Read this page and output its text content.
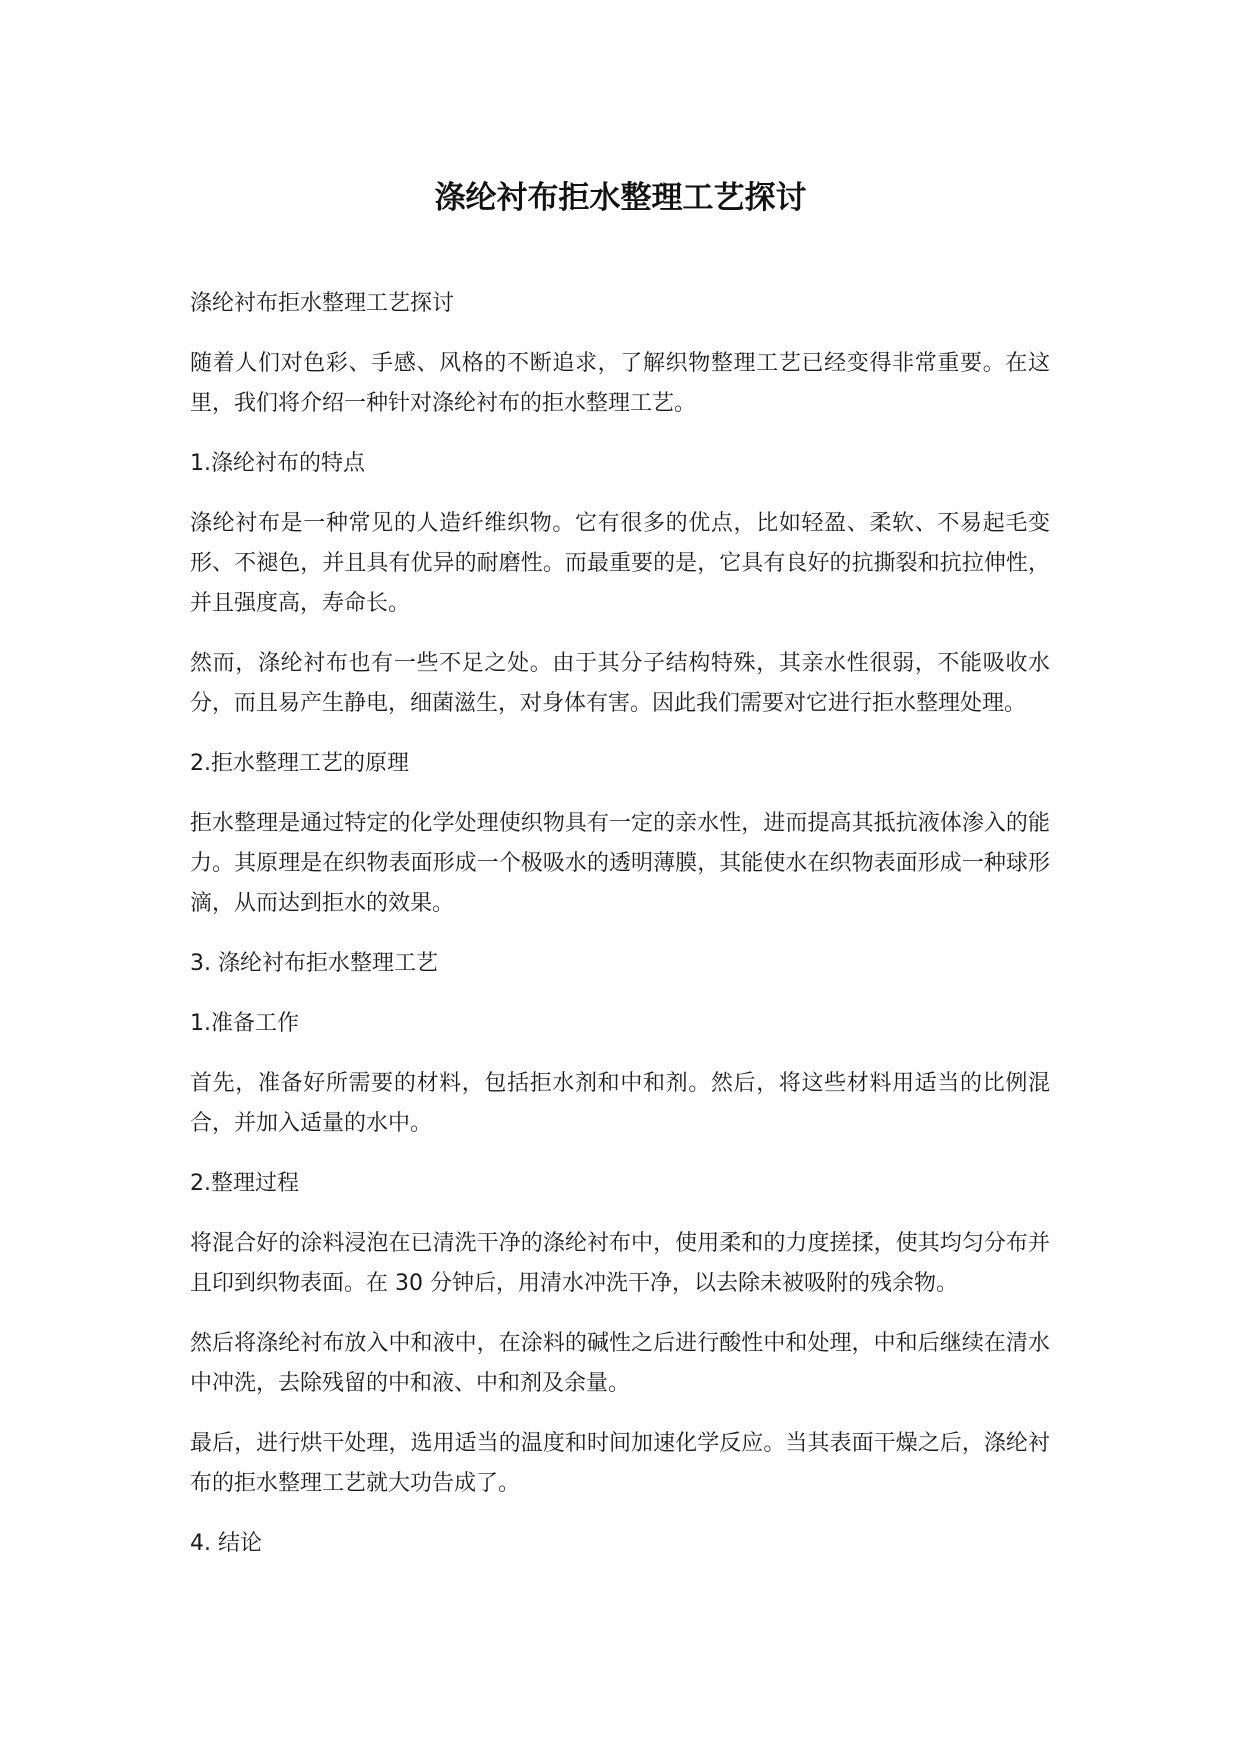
涤纶衬布拒水整理工艺探讨

涤纶衬布拒水整理工艺探讨

随着人们对色彩、手感、风格的不断追求，了解织物整理工艺已经变得非常重要。在这里，我们将介绍一种针对涤纶衬布的拒水整理工艺。

1.涤纶衬布的特点

涤纶衬布是一种常见的人造纤维织物。它有很多的优点，比如轻盈、柔软、不易起毛变形、不褪色，并且具有优异的耐磨性。而最重要的是，它具有良好的抗撕裂和抗拉伸性，并且强度高，寿命长。

然而，涤纶衬布也有一些不足之处。由于其分子结构特殊，其亲水性很弱，不能吸收水分，而且易产生静电，细菌滋生，对身体有害。因此我们需要对它进行拒水整理处理。

2.拒水整理工艺的原理

拒水整理是通过特定的化学处理使织物具有一定的亲水性，进而提高其抵抗液体渗入的能力。其原理是在织物表面形成一个极吸水的透明薄膜，其能使水在织物表面形成一种球形滴，从而达到拒水的效果。

3. 涤纶衬布拒水整理工艺

1.准备工作

首先，准备好所需要的材料，包括拒水剂和中和剂。然后，将这些材料用适当的比例混合，并加入适量的水中。

2.整理过程

将混合好的涂料浸泡在已清洗干净的涤纶衬布中，使用柔和的力度搓揉，使其均匀分布并且印到织物表面。在 30 分钟后，用清水冲洗干净，以去除未被吸附的残余物。

然后将涤纶衬布放入中和液中，在涂料的碱性之后进行酸性中和处理，中和后继续在清水中冲洗，去除残留的中和液、中和剂及余量。

最后，进行烘干处理，选用适当的温度和时间加速化学反应。当其表面干燥之后，涤纶衬布的拒水整理工艺就大功告成了。

4. 结论
